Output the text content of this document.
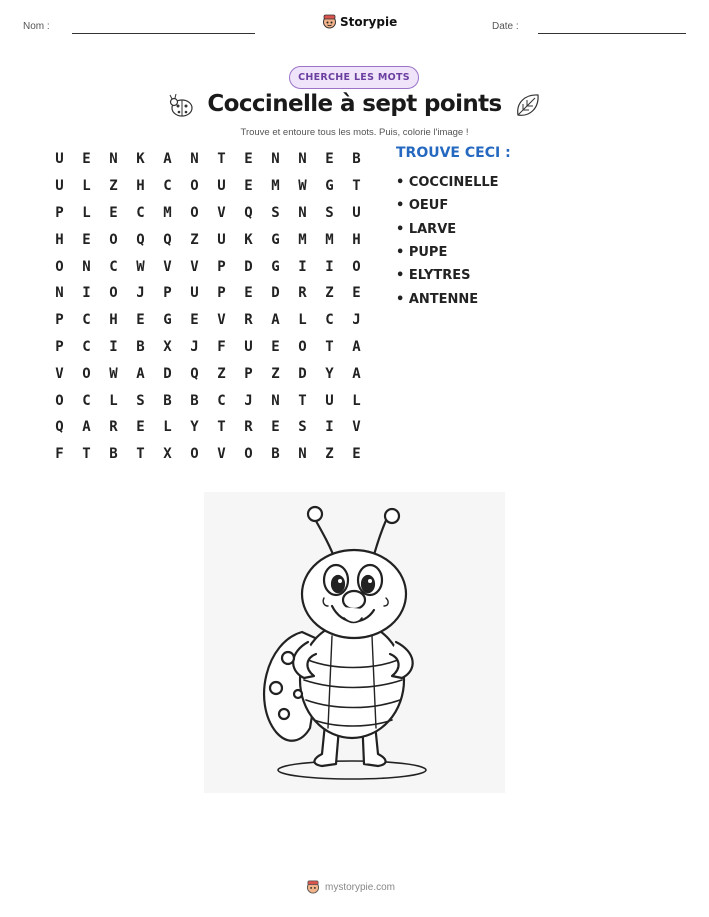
Nom :	Storypie	Date :
CHERCHE LES MOTS
Coccinelle à sept points
Trouve et entoure tous les mots. Puis, colorie l'image !
U	E	N	K	A	N	T	E	N	N	E	B
U	L	Z	H	C	O	U	E	M	W	G	T
P	L	E	C	M	O	V	Q	S	N	S	U
H	E	O	Q	Q	Z	U	K	G	M	M	H
O	N	C	W	V	V	P	D	G	I	I	O
N	I	O	J	P	U	P	E	D	R	Z	E
P	C	H	E	G	E	V	R	A	L	C	J
P	C	I	B	X	J	F	U	E	O	T	A
V	O	W	A	D	Q	Z	P	Z	D	Y	A
O	C	L	S	B	B	C	J	N	T	U	L
Q	A	R	E	L	Y	T	R	E	S	I	V
F	T	B	T	X	O	V	O	B	N	Z	E
TROUVE CECI :
• COCCINELLE
• OEUF
• LARVE
• PUPE
• ELYTRES
• ANTENNE
mystorypie.com
